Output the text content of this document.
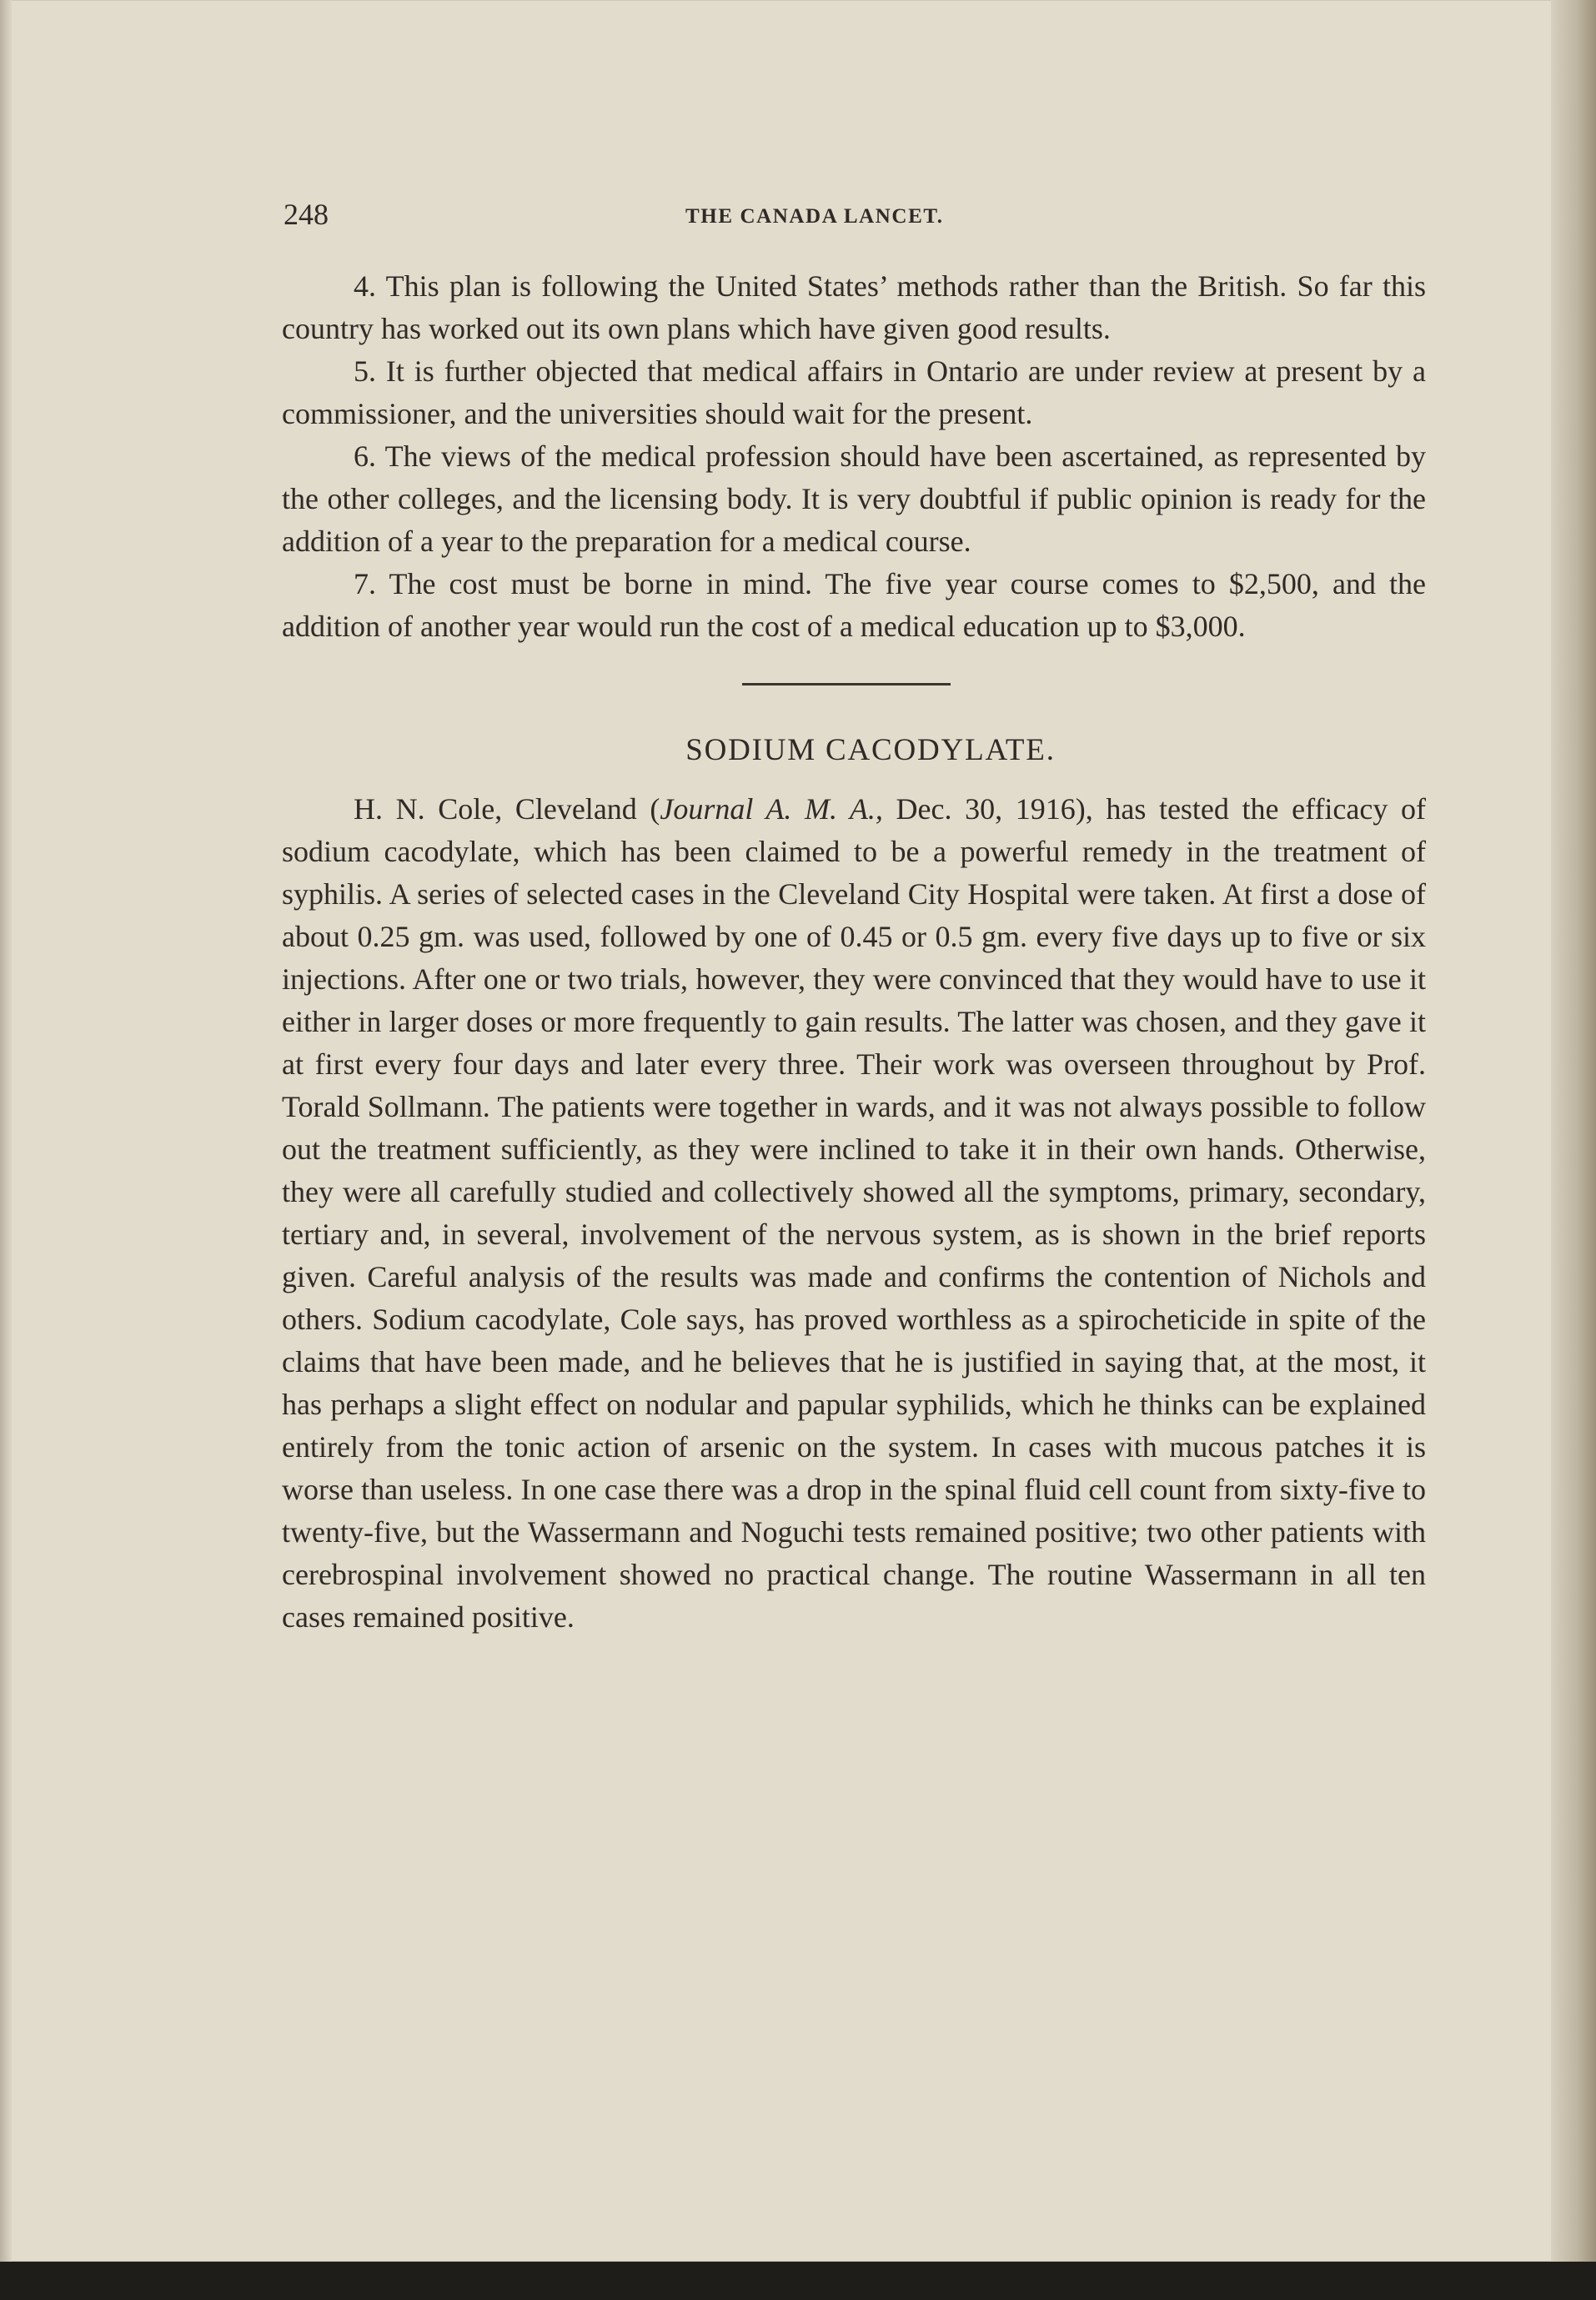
248	THE CANADA LANCET.

4. This plan is following the United States’ methods rather than the British. So far this country has worked out its own plans which have given good results.

5. It is further objected that medical affairs in Ontario are under review at present by a commissioner, and the universities should wait for the present.

6. The views of the medical profession should have been ascertained, as represented by the other colleges, and the licensing body. It is very doubtful if public opinion is ready for the addition of a year to the preparation for a medical course.

7. The cost must be borne in mind. The five year course comes to $2,500, and the addition of another year would run the cost of a medical education up to $3,000.

SODIUM CACODYLATE.

H. N. Cole, Cleveland (Journal A. M. A., Dec. 30, 1916), has tested the efficacy of sodium cacodylate, which has been claimed to be a powerful remedy in the treatment of syphilis. A series of selected cases in the Cleveland City Hospital were taken. At first a dose of about 0.25 gm. was used, followed by one of 0.45 or 0.5 gm. every five days up to five or six injections. After one or two trials, however, they were convinced that they would have to use it either in larger doses or more frequently to gain results. The latter was chosen, and they gave it at first every four days and later every three. Their work was overseen throughout by Prof. Torald Sollmann. The patients were together in wards, and it was not always possible to follow out the treatment sufficiently, as they were inclined to take it in their own hands. Otherwise, they were all carefully studied and collectively showed all the symptoms, primary, secondary, tertiary and, in several, involvement of the nervous system, as is shown in the brief reports given. Careful analysis of the results was made and confirms the contention of Nichols and others. Sodium cacodylate, Cole says, has proved worthless as a spirocheticide in spite of the claims that have been made, and he believes that he is justified in saying that, at the most, it has perhaps a slight effect on nodular and papular syphilids, which he thinks can be explained entirely from the tonic action of arsenic on the system. In cases with mucous patches it is worse than useless. In one case there was a drop in the spinal fluid cell count from sixty-five to twenty-five, but the Wassermann and Noguchi tests remained positive; two other patients with cerebrospinal involvement showed no practical change. The routine Wassermann in all ten cases remained positive.
